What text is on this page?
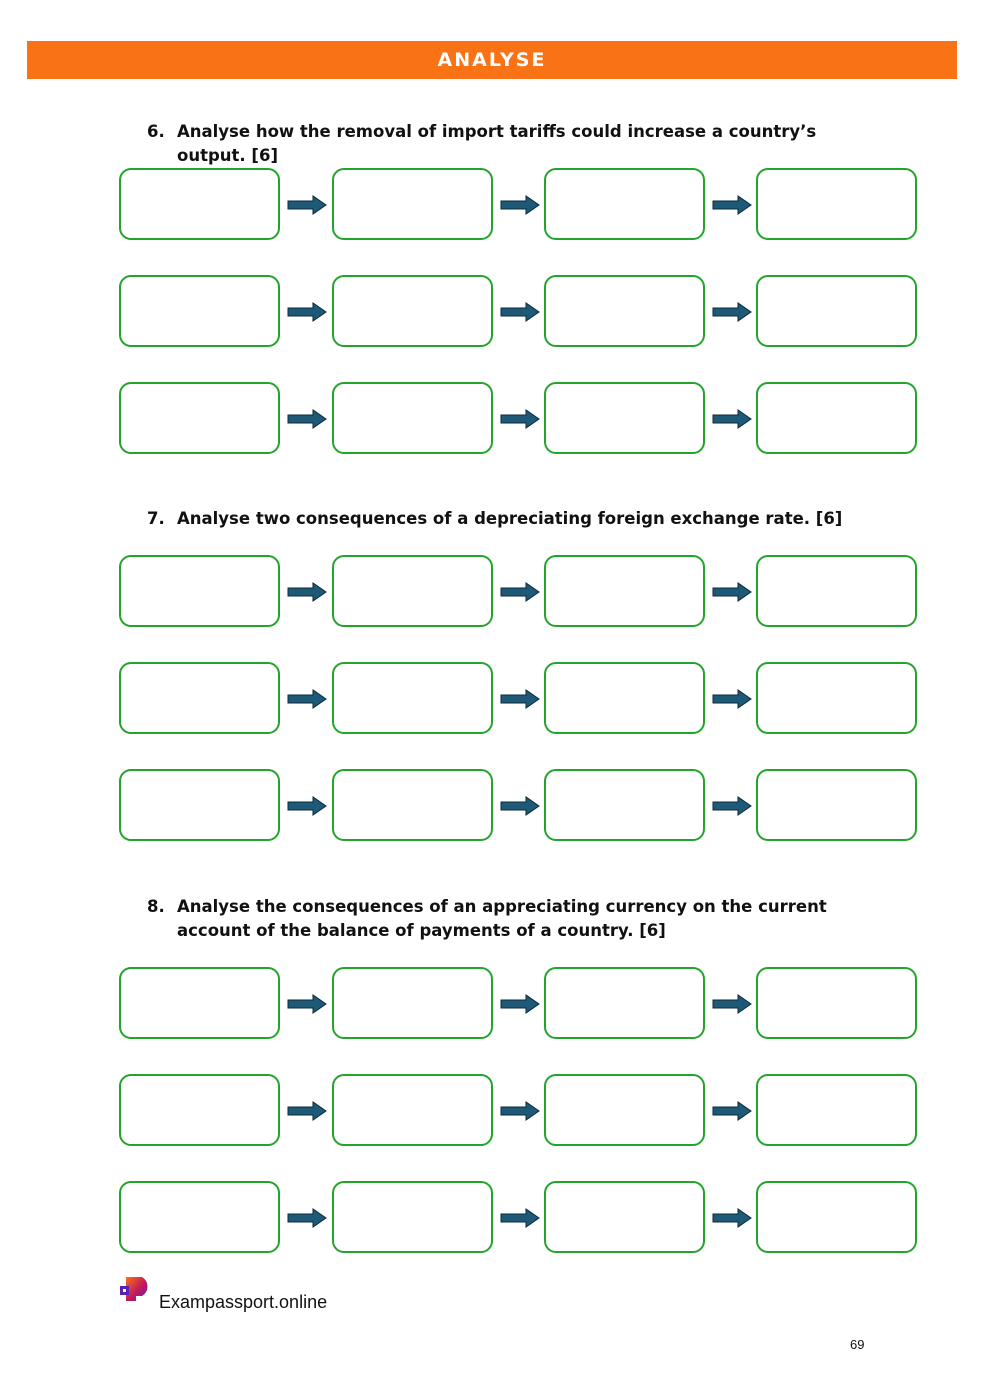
ANALYSE
6. Analyse how the removal of import tariffs could increase a country’s output. [6]
7. Analyse two consequences of a depreciating foreign exchange rate. [6]
8. Analyse the consequences of an appreciating currency on the current account of the balance of payments of a country. [6]
Exampassport.online
69
